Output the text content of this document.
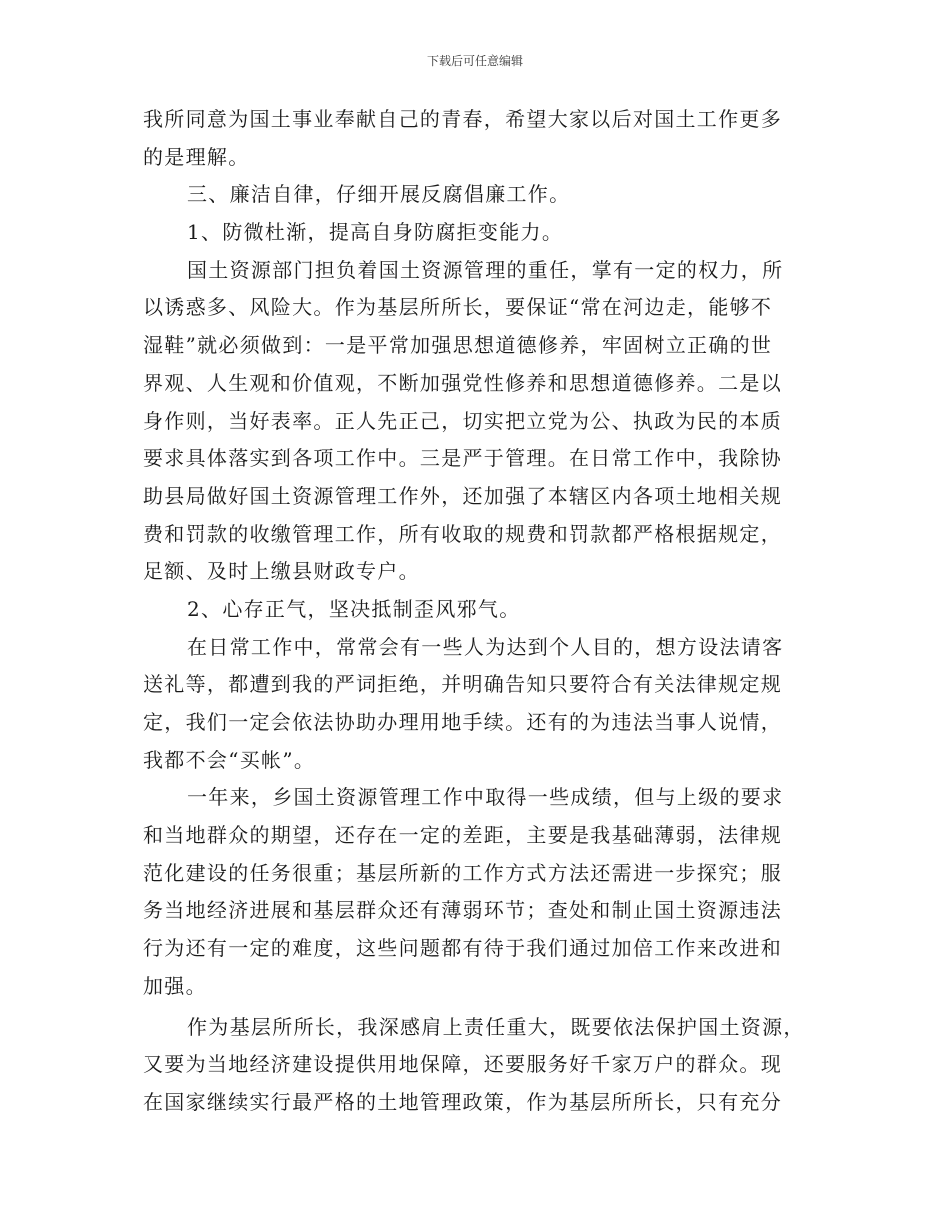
下载后可任意编辑
我所同意为国土事业奉献自己的青春，希望大家以后对国土工作更多
的是理解。
三、廉洁自律，仔细开展反腐倡廉工作。
1、防微杜渐，提高自身防腐拒变能力。
国土资源部门担负着国土资源管理的重任，掌有一定的权力，所
以诱惑多、风险大。作为基层所所长，要保证“常在河边走，能够不
湿鞋”就必须做到：一是平常加强思想道德修养，牢固树立正确的世
界观、人生观和价值观，不断加强党性修养和思想道德修养。二是以
身作则，当好表率。正人先正己，切实把立党为公、执政为民的本质
要求具体落实到各项工作中。三是严于管理。在日常工作中，我除协
助县局做好国土资源管理工作外，还加强了本辖区内各项土地相关规
费和罚款的收缴管理工作，所有收取的规费和罚款都严格根据规定，
足额、及时上缴县财政专户。
2、心存正气，坚决抵制歪风邪气。
在日常工作中，常常会有一些人为达到个人目的，想方设法请客
送礼等，都遭到我的严词拒绝，并明确告知只要符合有关法律规定规
定，我们一定会依法协助办理用地手续。还有的为违法当事人说情，
我都不会“买帐”。
一年来，乡国土资源管理工作中取得一些成绩，但与上级的要求
和当地群众的期望，还存在一定的差距，主要是我基础薄弱，法律规
范化建设的任务很重；基层所新的工作方式方法还需进一步探究；服
务当地经济进展和基层群众还有薄弱环节；查处和制止国土资源违法
行为还有一定的难度，这些问题都有待于我们通过加倍工作来改进和
加强。
作为基层所所长，我深感肩上责任重大，既要依法保护国土资源，
又要为当地经济建设提供用地保障，还要服务好千家万户的群众。现
在国家继续实行最严格的土地管理政策，作为基层所所长，只有充分
